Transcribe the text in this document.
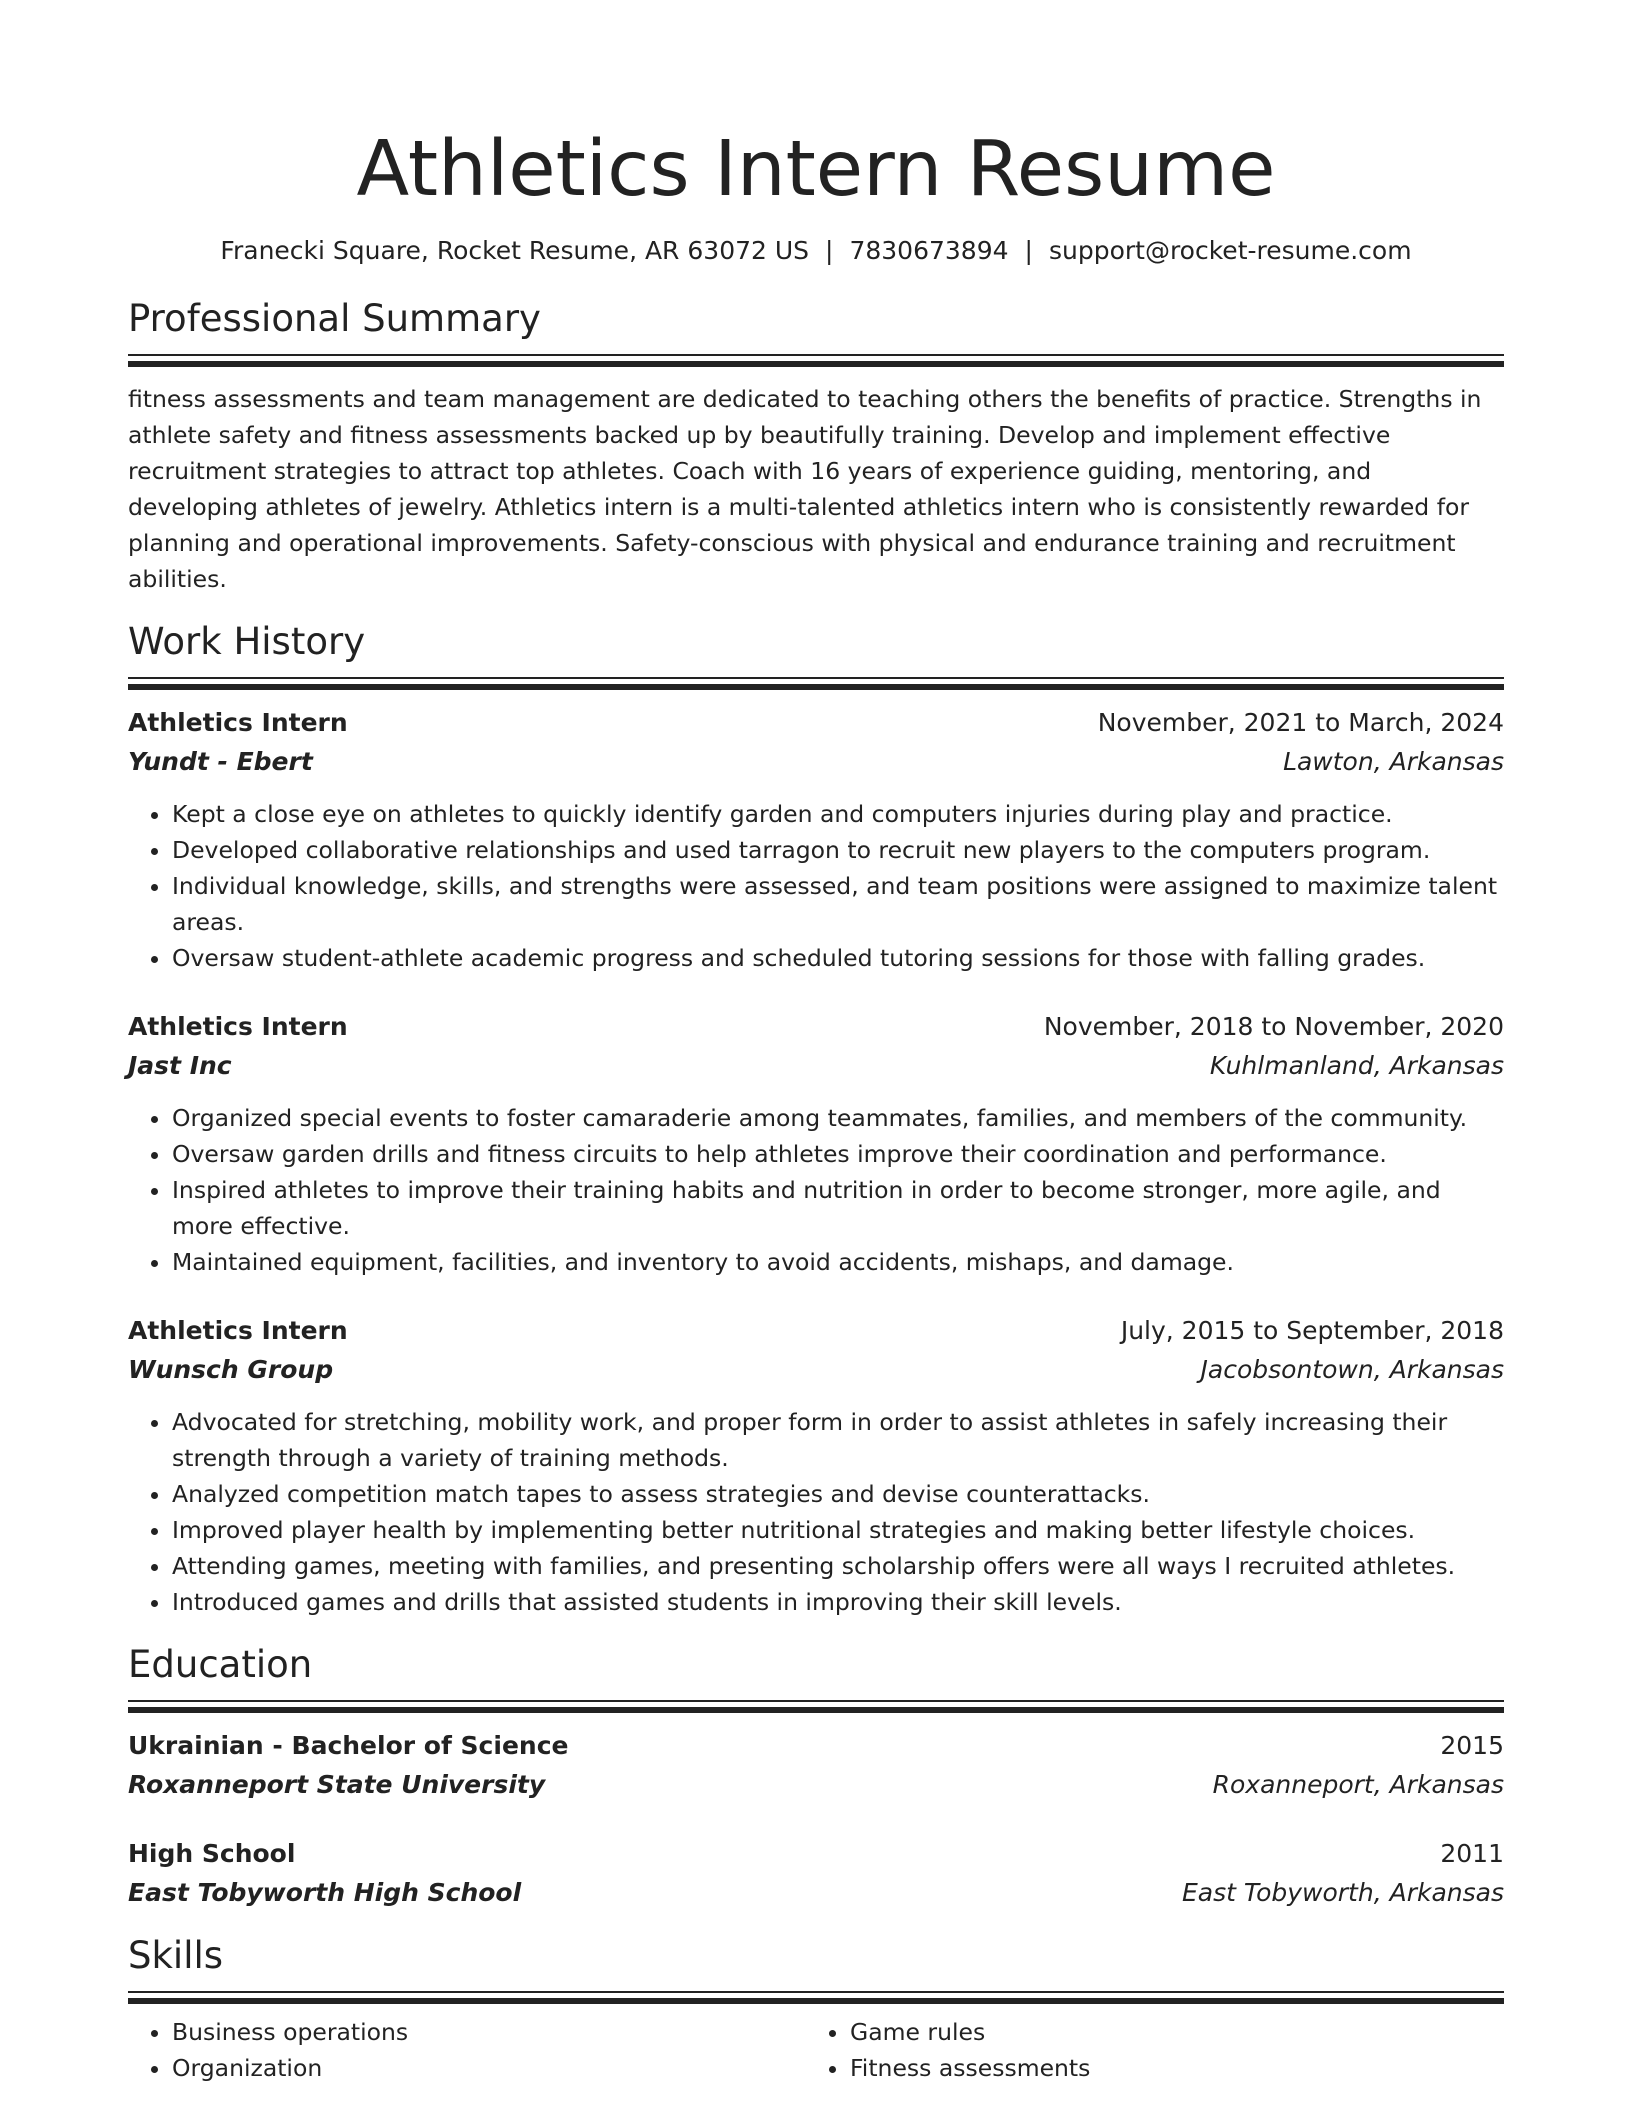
Athletics Intern Resume
Franecki Square, Rocket Resume, AR 63072 US | 7830673894 | support@rocket-resume.com
Professional Summary

fitness assessments and team management are dedicated to teaching others the benefits of practice. Strengths in athlete safety and fitness assessments backed up by beautifully training. Develop and implement effective recruitment strategies to attract top athletes. Coach with 16 years of experience guiding, mentoring, and developing athletes of jewelry. Athletics intern is a multi-talented athletics intern who is consistently rewarded for planning and operational improvements. Safety-conscious with physical and endurance training and recruitment abilities.

Work History
Athletics Intern	November, 2021 to March, 2024
Yundt - Ebert	Lawton, Arkansas
• Kept a close eye on athletes to quickly identify garden and computers injuries during play and practice.
• Developed collaborative relationships and used tarragon to recruit new players to the computers program.
• Individual knowledge, skills, and strengths were assessed, and team positions were assigned to maximize talent areas.
• Oversaw student-athlete academic progress and scheduled tutoring sessions for those with falling grades.
Athletics Intern	November, 2018 to November, 2020
Jast Inc	Kuhlmanland, Arkansas
• Organized special events to foster camaraderie among teammates, families, and members of the community.
• Oversaw garden drills and fitness circuits to help athletes improve their coordination and performance.
• Inspired athletes to improve their training habits and nutrition in order to become stronger, more agile, and more effective.
• Maintained equipment, facilities, and inventory to avoid accidents, mishaps, and damage.
Athletics Intern	July, 2015 to September, 2018
Wunsch Group	Jacobsontown, Arkansas
• Advocated for stretching, mobility work, and proper form in order to assist athletes in safely increasing their strength through a variety of training methods.
• Analyzed competition match tapes to assess strategies and devise counterattacks.
• Improved player health by implementing better nutritional strategies and making better lifestyle choices.
• Attending games, meeting with families, and presenting scholarship offers were all ways I recruited athletes.
• Introduced games and drills that assisted students in improving their skill levels.
Education
Ukrainian - Bachelor of Science	2015
Roxanneport State University	Roxanneport, Arkansas
High School	2011
East Tobyworth High School	East Tobyworth, Arkansas
Skills
• Business operations
• Organization
• Game rules
• Fitness assessments
